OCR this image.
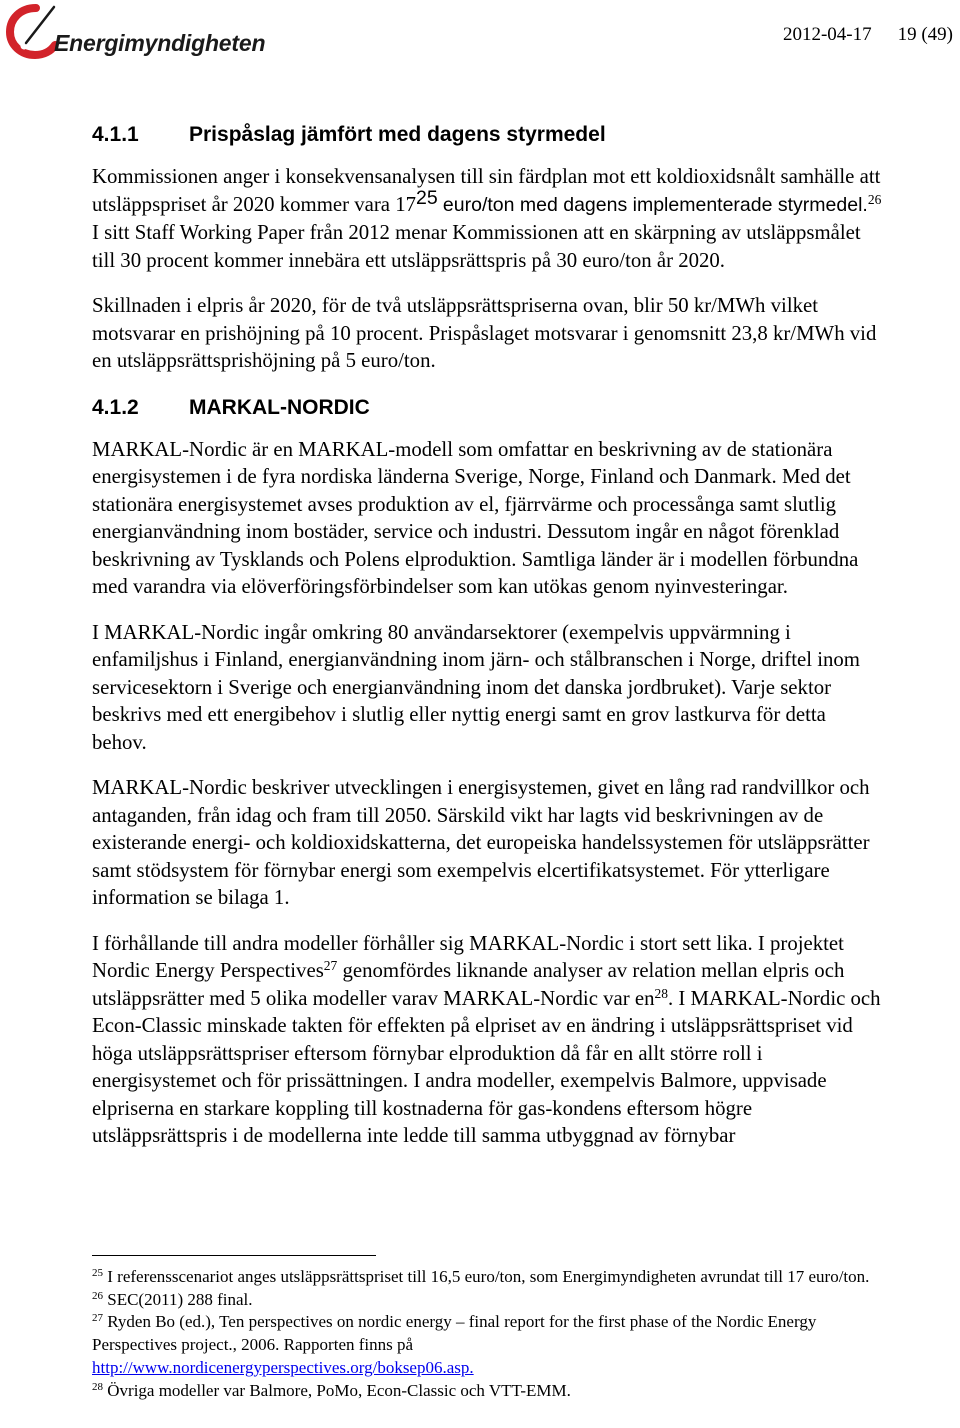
Energimyndigheten	2012-04-17 19 (49)
4.1.1 Prispåslag jämfört med dagens styrmedel

Kommissionen anger i konsekvensanalysen till sin färdplan mot ett koldioxidsnålt samhälle att utsläppspriset år 2020 kommer vara $17^{25}$ euro/ton med dagens implementerade styrmedel.$^{26}$ I sitt Staff Working Paper från 2012 menar Kommissionen att en skärpning av utsläppsmålet till 30 procent kommer innebära ett utsläppsrättspris på 30 euro/ton år 2020.

Skillnaden i elpris år 2020, för de två utsläppsrättspriserna ovan, blir 50 kr/MWh vilket motsvarar en prishöjning på 10 procent. Prispåslaget motsvarar i genomsnitt 23,8 kr/MWh vid en utsläppsrättsprishöjning på 5 euro/ton.

4.1.2 MARKAL-NORDIC

MARKAL-Nordic är en MARKAL-modell som omfattar en beskrivning av de stationära energisystemen i de fyra nordiska länderna Sverige, Norge, Finland och Danmark. Med det stationära energisystemet avses produktion av el, fjärrvärme och processånga samt slutlig energianvändning inom bostäder, service och industri. Dessutom ingår en något förenklad beskrivning av Tysklands och Polens elproduktion. Samtliga länder är i modellen förbundna med varandra via elöverföringsförbindelser som kan utökas genom nyinvesteringar.

I MARKAL-Nordic ingår omkring 80 användarsektorer (exempelvis uppvärmning i enfamiljshus i Finland, energianvändning inom järn- och stålbranschen i Norge, driftel inom servicesektorn i Sverige och energianvändning inom det danska jordbruket). Varje sektor beskrivs med ett energibehov i slutlig eller nyttig energi samt en grov lastkurva för detta behov.

MARKAL-Nordic beskriver utvecklingen i energisystemen, givet en lång rad randvillkor och antaganden, från idag och fram till 2050. Särskild vikt har lagts vid beskrivningen av de existerande energi- och koldioxidskatterna, det europeiska handelssystemen för utsläppsrätter samt stödsystem för förnybar energi som exempelvis elcertifikatsystemet. För ytterligare information se bilaga 1.

I förhållande till andra modeller förhåller sig MARKAL-Nordic i stort sett lika. I projektet Nordic Energy Perspectives$^{27}$ genomfördes liknande analyser av relation mellan elpris och utsläppsrätter med 5 olika modeller varav MARKAL-Nordic var $en^{28}$. I MARKAL-Nordic och Econ-Classic minskade takten för effekten på elpriset av en ändring i utsläppsrättspriset vid höga utsläppsrättspriser eftersom förnybar elproduktion då får en allt större roll i energisystemet och för prissättningen. I andra modeller, exempelvis Balmore, uppvisade elpriserna en starkare koppling till kostnaderna för gas-kondens eftersom högre utsläppsrättspris i de modellerna inte ledde till samma utbyggnad av förnybar

$^{25}$ I referensscenariot anges utsläppsrättspriset till 16,5 euro/ton, som Energimyndigheten avrundat till 17 euro/ton.

$^{26}$ SEC(2011) 288 final.

$^{27}$ Ryden Bo (ed.), Ten perspectives on nordic energy – final report for the first phase of the Nordic Energy Perspectives project., 2006. Rapporten finns på
http://www.nordicenergyperspectives.org/boksep06.asp.

$^{28}$ Övriga modeller var Balmore, PoMo, Econ-Classic och VTT-EMM.
